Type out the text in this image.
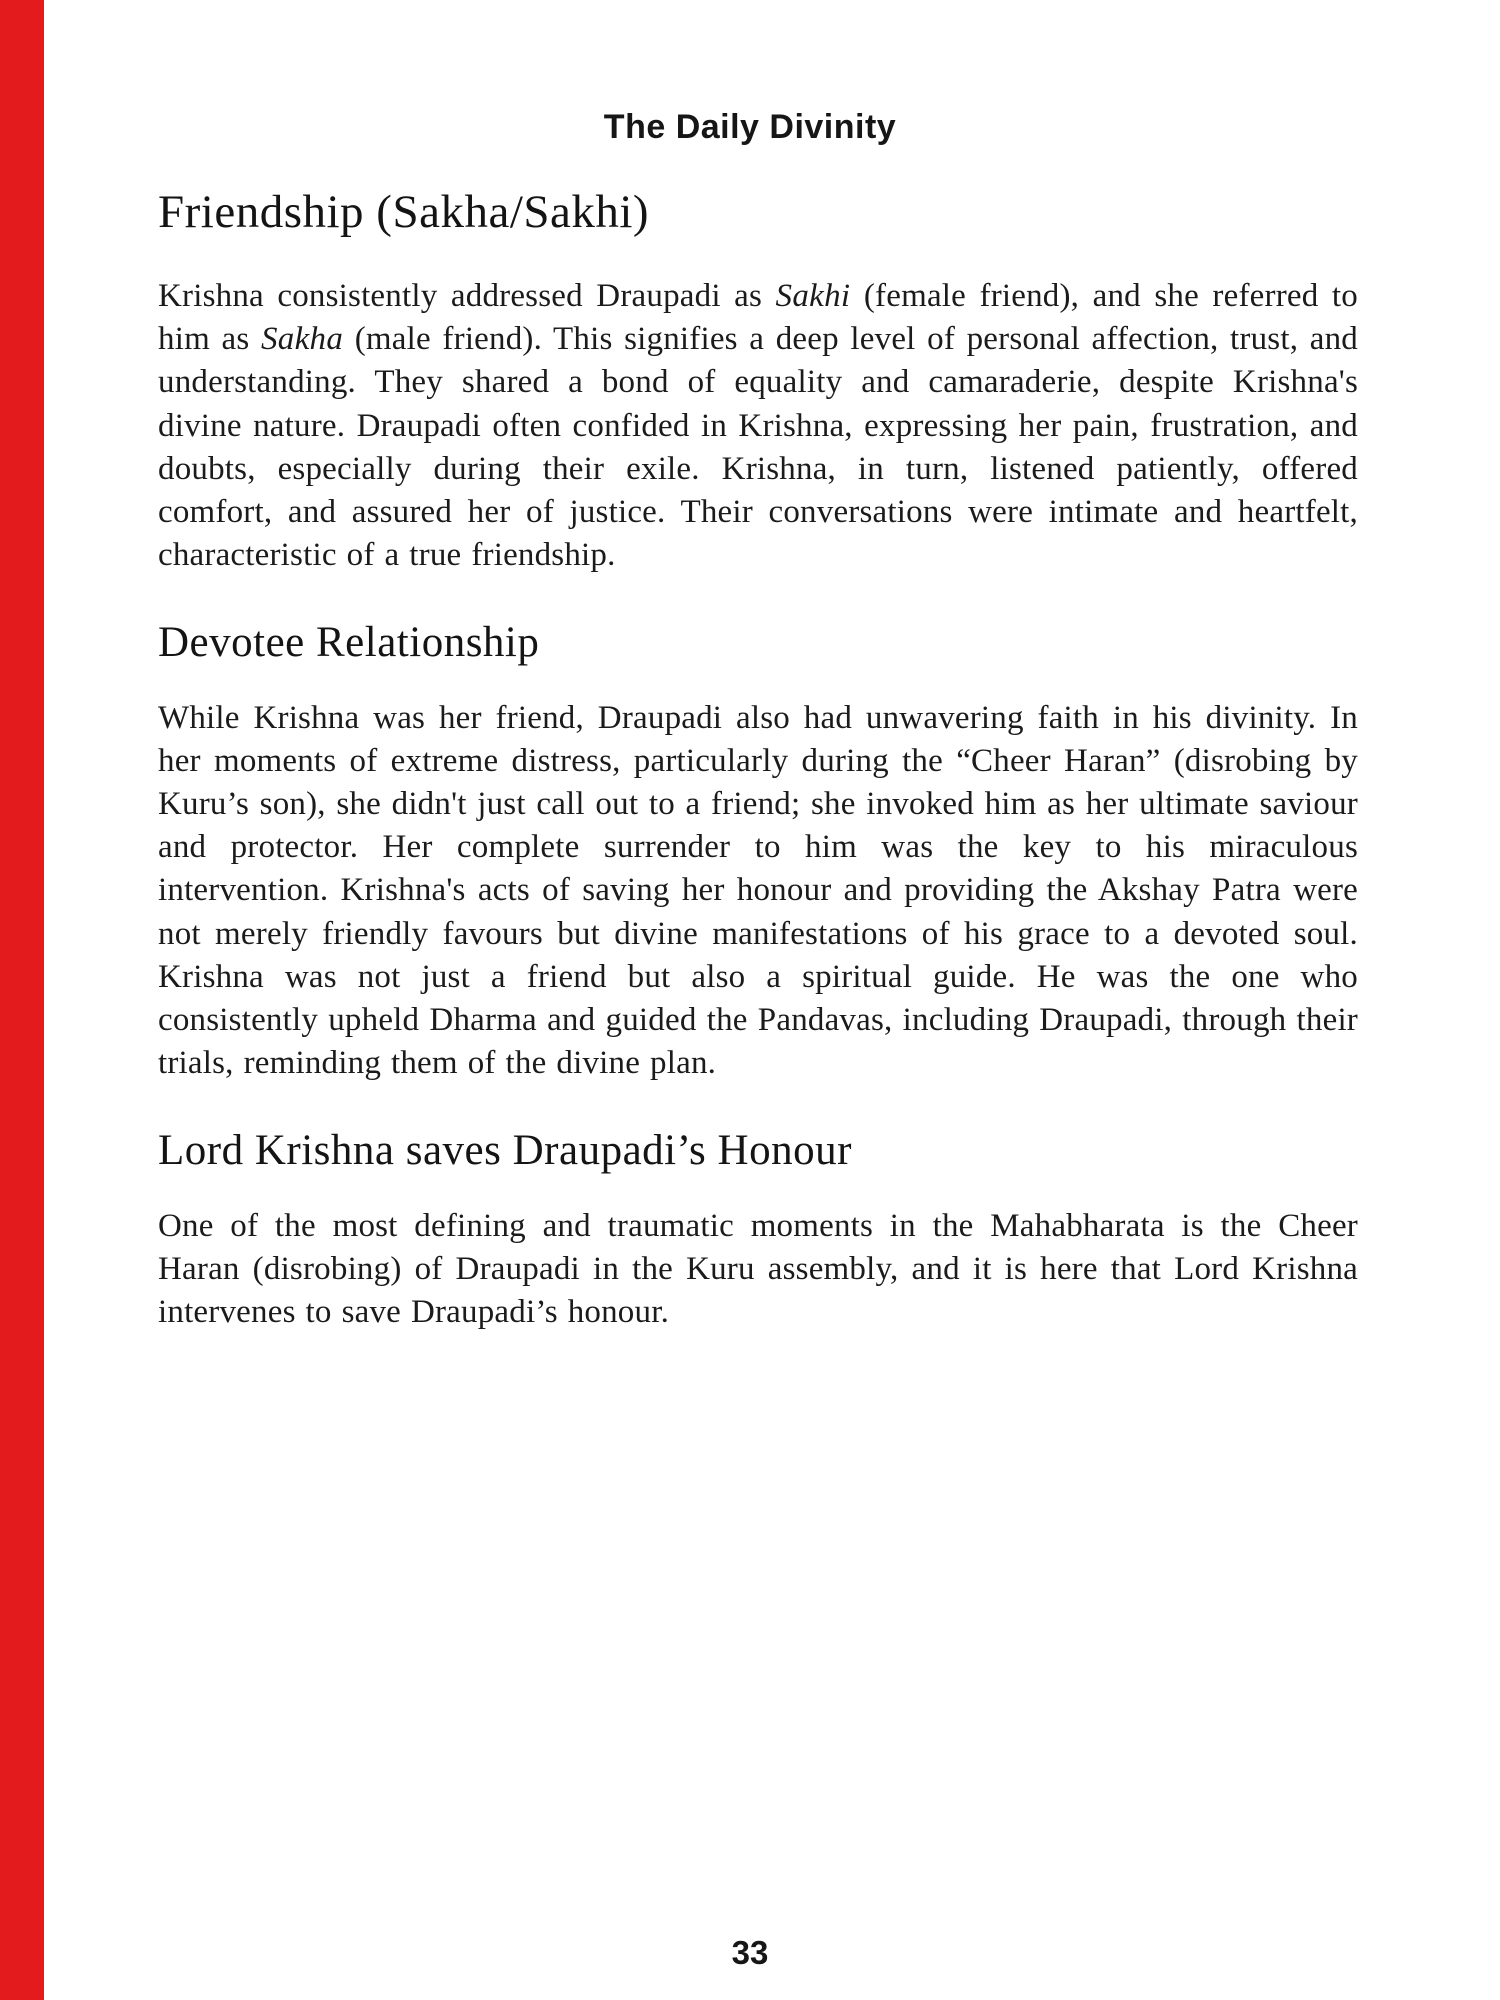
The Daily Divinity
Friendship (Sakha/Sakhi)

Krishna consistently addressed Draupadi as Sakhi (female friend), and she referred to him as Sakha (male friend). This signifies a deep level of personal affection, trust, and understanding. They shared a bond of equality and camaraderie, despite Krishna's divine nature. Draupadi often confided in Krishna, expressing her pain, frustration, and doubts, especially during their exile. Krishna, in turn, listened patiently, offered comfort, and assured her of justice. Their conversations were intimate and heartfelt, characteristic of a true friendship.

Devotee Relationship

While Krishna was her friend, Draupadi also had unwavering faith in his divinity. In her moments of extreme distress, particularly during the “Cheer Haran” (disrobing by Kuru’s son), she didn't just call out to a friend; she invoked him as her ultimate saviour and protector. Her complete surrender to him was the key to his miraculous intervention. Krishna's acts of saving her honour and providing the Akshay Patra were not merely friendly favours but divine manifestations of his grace to a devoted soul. Krishna was not just a friend but also a spiritual guide. He was the one who consistently upheld Dharma and guided the Pandavas, including Draupadi, through their trials, reminding them of the divine plan.

Lord Krishna saves Draupadi’s Honour

One of the most defining and traumatic moments in the Mahabharata is the Cheer Haran (disrobing) of Draupadi in the Kuru assembly, and it is here that Lord Krishna intervenes to save Draupadi’s honour.

33
